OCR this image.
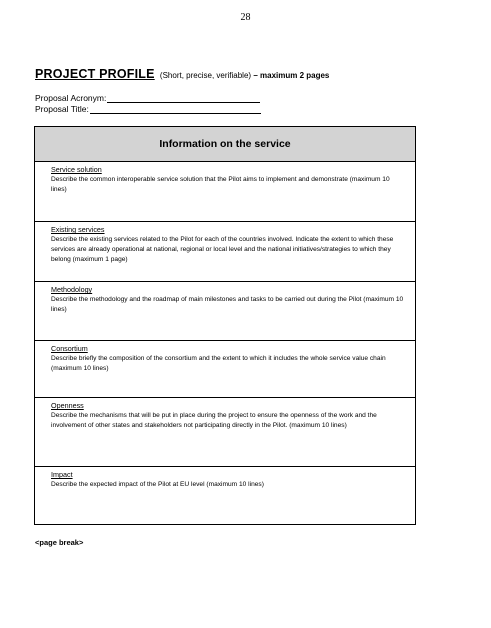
28
PROJECT PROFILE (Short, precise, verifiable) – maximum 2 pages
Proposal Acronym:
Proposal Title:
Information on the service
Service solution
Describe the common interoperable service solution that the Pilot aims to implement and demonstrate (maximum 10 lines)
Existing services
Describe the existing services related to the Pilot for each of the countries involved. Indicate the extent to which these services are already operational at national, regional or local level and the national initiatives/strategies to which they belong (maximum 1 page)
Methodology
Describe the methodology and the roadmap of main milestones and tasks to be carried out during the Pilot (maximum 10 lines)
Consortium
Describe briefly the composition of the consortium and the extent to which it includes the whole service value chain (maximum 10 lines)
Openness
Describe the mechanisms that will be put in place during the project to ensure the openness of the work and the involvement of other states and stakeholders not participating directly in the Pilot. (maximum 10 lines)
Impact
Describe the expected impact of the Pilot at EU level (maximum 10 lines)
<page break>
